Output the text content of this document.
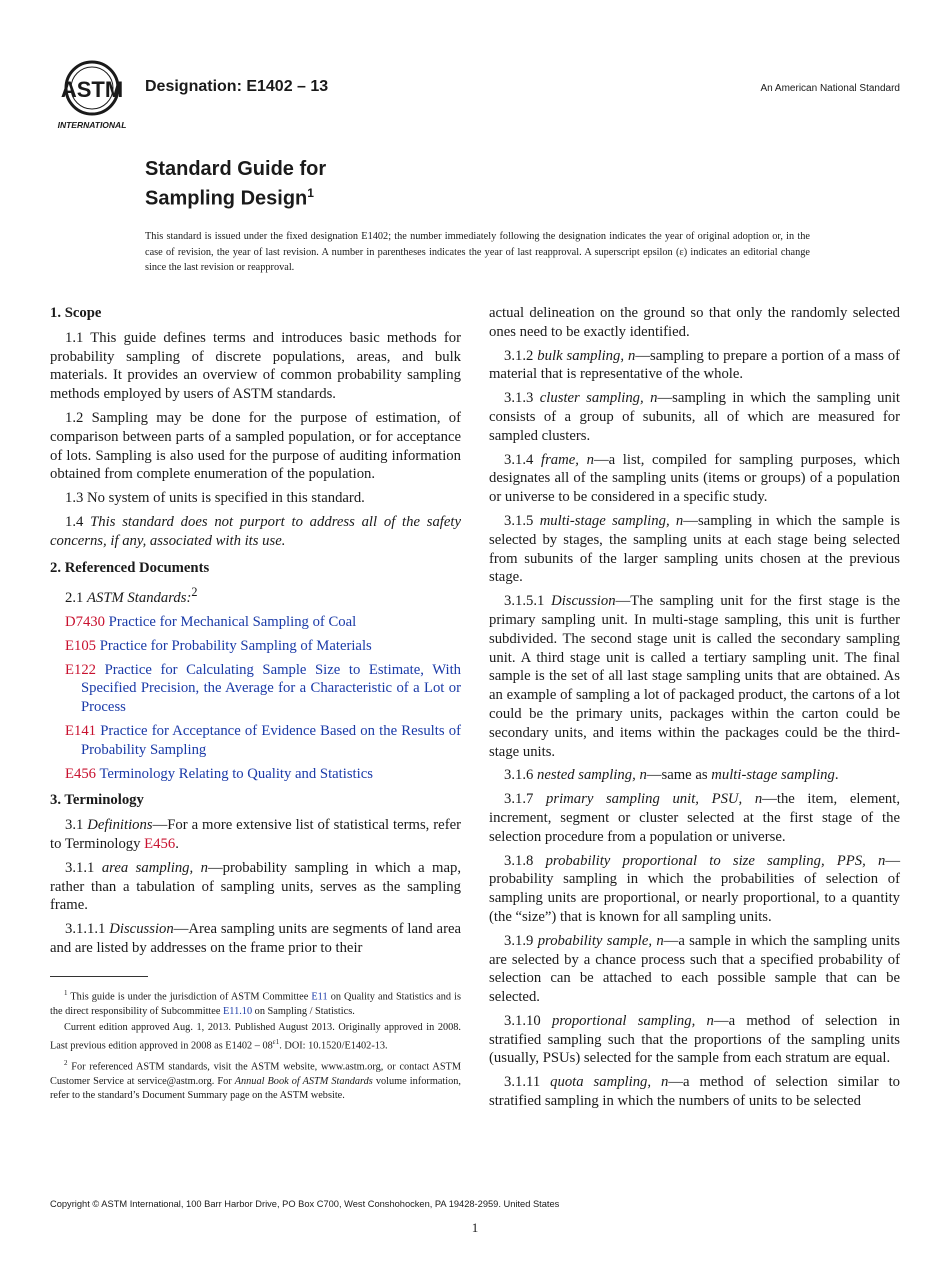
ASTM
INTERNATIONAL
Designation: E1402 – 13	An American National Standard
Standard Guide for
Sampling Design$^1$
This standard is issued under the fixed designation E1402; the number immediately following the designation indicates the year of original adoption or, in the case of revision, the year of last revision. A number in parentheses indicates the year of last reapproval. A superscript epsilon (ε) indicates an editorial change since the last revision or reapproval.
1. Scope

1.1 This guide defines terms and introduces basic methods for probability sampling of discrete populations, areas, and bulk materials. It provides an overview of common probability sampling methods employed by users of ASTM standards.

1.2 Sampling may be done for the purpose of estimation, of comparison between parts of a sampled population, or for acceptance of lots. Sampling is also used for the purpose of auditing information obtained from complete enumeration of the population.

1.3 No system of units is specified in this standard.

1.4 This standard does not purport to address all of the safety concerns, if any, associated with its use.

2. Referenced Documents

2.1 ASTM Standards:$^2$

D7430 Practice for Mechanical Sampling of Coal

E105 Practice for Probability Sampling of Materials

E122 Practice for Calculating Sample Size to Estimate, With Specified Precision, the Average for a Characteristic of a Lot or Process

E141 Practice for Acceptance of Evidence Based on the Results of Probability Sampling

E456 Terminology Relating to Quality and Statistics

3. Terminology

3.1 Definitions—For a more extensive list of statistical terms, refer to Terminology E456.

3.1.1 area sampling, n—probability sampling in which a map, rather than a tabulation of sampling units, serves as the sampling frame.

3.1.1.1 Discussion—Area sampling units are segments of land area and are listed by addresses on the frame prior to their

$^1$ This guide is under the jurisdiction of ASTM Committee E11 on Quality and Statistics and is the direct responsibility of Subcommittee E11.10 on Sampling / Statistics.

Current edition approved Aug. 1, 2013. Published August 2013. Originally approved in 2008. Last previous edition approved in 2008 as $E1402 - 08^{\varepsilon 1}$. DOI: 10.1520/E1402-13.

$^2$ For referenced ASTM standards, visit the ASTM website, www.astm.org, or contact ASTM Customer Service at service@astm.org. For Annual Book of ASTM Standards volume information, refer to the standard’s Document Summary page on the ASTM website.

actual delineation on the ground so that only the randomly selected ones need to be exactly identified.

3.1.2 bulk sampling, n—sampling to prepare a portion of a mass of material that is representative of the whole.

3.1.3 cluster sampling, n—sampling in which the sampling unit consists of a group of subunits, all of which are measured for sampled clusters.

3.1.4 frame, n—a list, compiled for sampling purposes, which designates all of the sampling units (items or groups) of a population or universe to be considered in a specific study.

3.1.5 multi-stage sampling, n—sampling in which the sample is selected by stages, the sampling units at each stage being selected from subunits of the larger sampling units chosen at the previous stage.

3.1.5.1 Discussion—The sampling unit for the first stage is the primary sampling unit. In multi-stage sampling, this unit is further subdivided. The second stage unit is called the secondary sampling unit. A third stage unit is called a tertiary sampling unit. The final sample is the set of all last stage sampling units that are obtained. As an example of sampling a lot of packaged product, the cartons of a lot could be the primary units, packages within the carton could be secondary units, and items within the packages could be the third-stage units.

3.1.6 nested sampling, n—same as multi-stage sampling.

3.1.7 primary sampling unit, PSU, n—the item, element, increment, segment or cluster selected at the first stage of the selection procedure from a population or universe.

3.1.8 probability proportional to size sampling, PPS, n—probability sampling in which the probabilities of selection of sampling units are proportional, or nearly proportional, to a quantity (the “size”) that is known for all sampling units.

3.1.9 probability sample, n—a sample in which the sampling units are selected by a chance process such that a specified probability of selection can be attached to each possible sample that can be selected.

3.1.10 proportional sampling, n—a method of selection in stratified sampling such that the proportions of the sampling units (usually, PSUs) selected for the sample from each stratum are equal.

3.1.11 quota sampling, n—a method of selection similar to stratified sampling in which the numbers of units to be selected

Copyright © ASTM International, 100 Barr Harbor Drive, PO Box C700, West Conshohocken, PA 19428-2959. United States
1
